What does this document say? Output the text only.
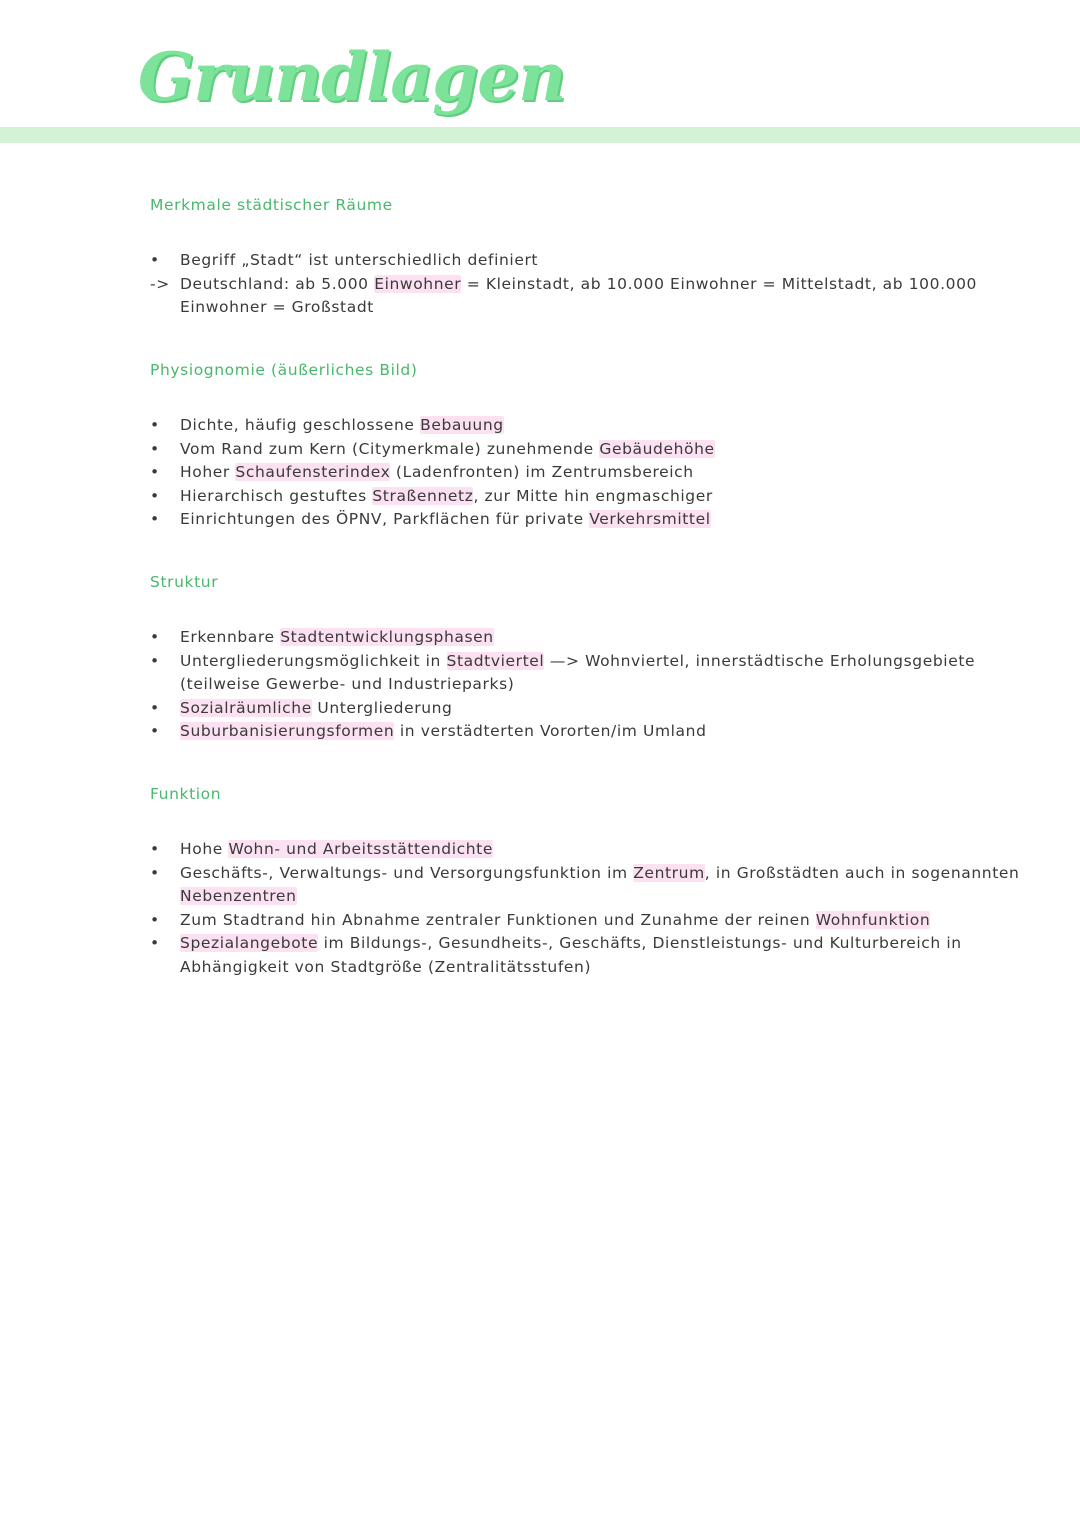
Grundlagen
Merkmale städtischer Räume
•	Begriff „Stadt“ ist unterschiedlich definiert
-> Deutschland: ab 5.000 Einwohner = Kleinstadt, ab 10.000 Einwohner = Mittelstadt, ab 100.000 Einwohner = Großstadt
Physiognomie (äußerliches Bild)
•	Dichte, häufig geschlossene Bebauung
•	Vom Rand zum Kern (Citymerkmale) zunehmende Gebäudehöhe
•	Hoher Schaufensterindex (Ladenfronten) im Zentrumsbereich
•	Hierarchisch gestuftes Straßennetz, zur Mitte hin engmaschiger
•	Einrichtungen des ÖPNV, Parkflächen für private Verkehrsmittel
Struktur
•	Erkennbare Stadtentwicklungsphasen
•	Untergliederungsmöglichkeit in Stadtviertel —> Wohnviertel, innerstädtische Erholungsgebiete (teilweise Gewerbe- und Industrieparks)
•	Sozialräumliche Untergliederung
•	Suburbanisierungsformen in verstädterten Vororten/im Umland
Funktion
•	Hohe Wohn- und Arbeitsstättendichte
•	Geschäfts-, Verwaltungs- und Versorgungsfunktion im Zentrum, in Großstädten auch in sogenannten Nebenzentren
•	Zum Stadtrand hin Abnahme zentraler Funktionen und Zunahme der reinen Wohnfunktion
•	Spezialangebote im Bildungs-, Gesundheits-, Geschäfts, Dienstleistungs- und Kulturbereich in Abhängigkeit von Stadtgröße (Zentralitätsstufen)
